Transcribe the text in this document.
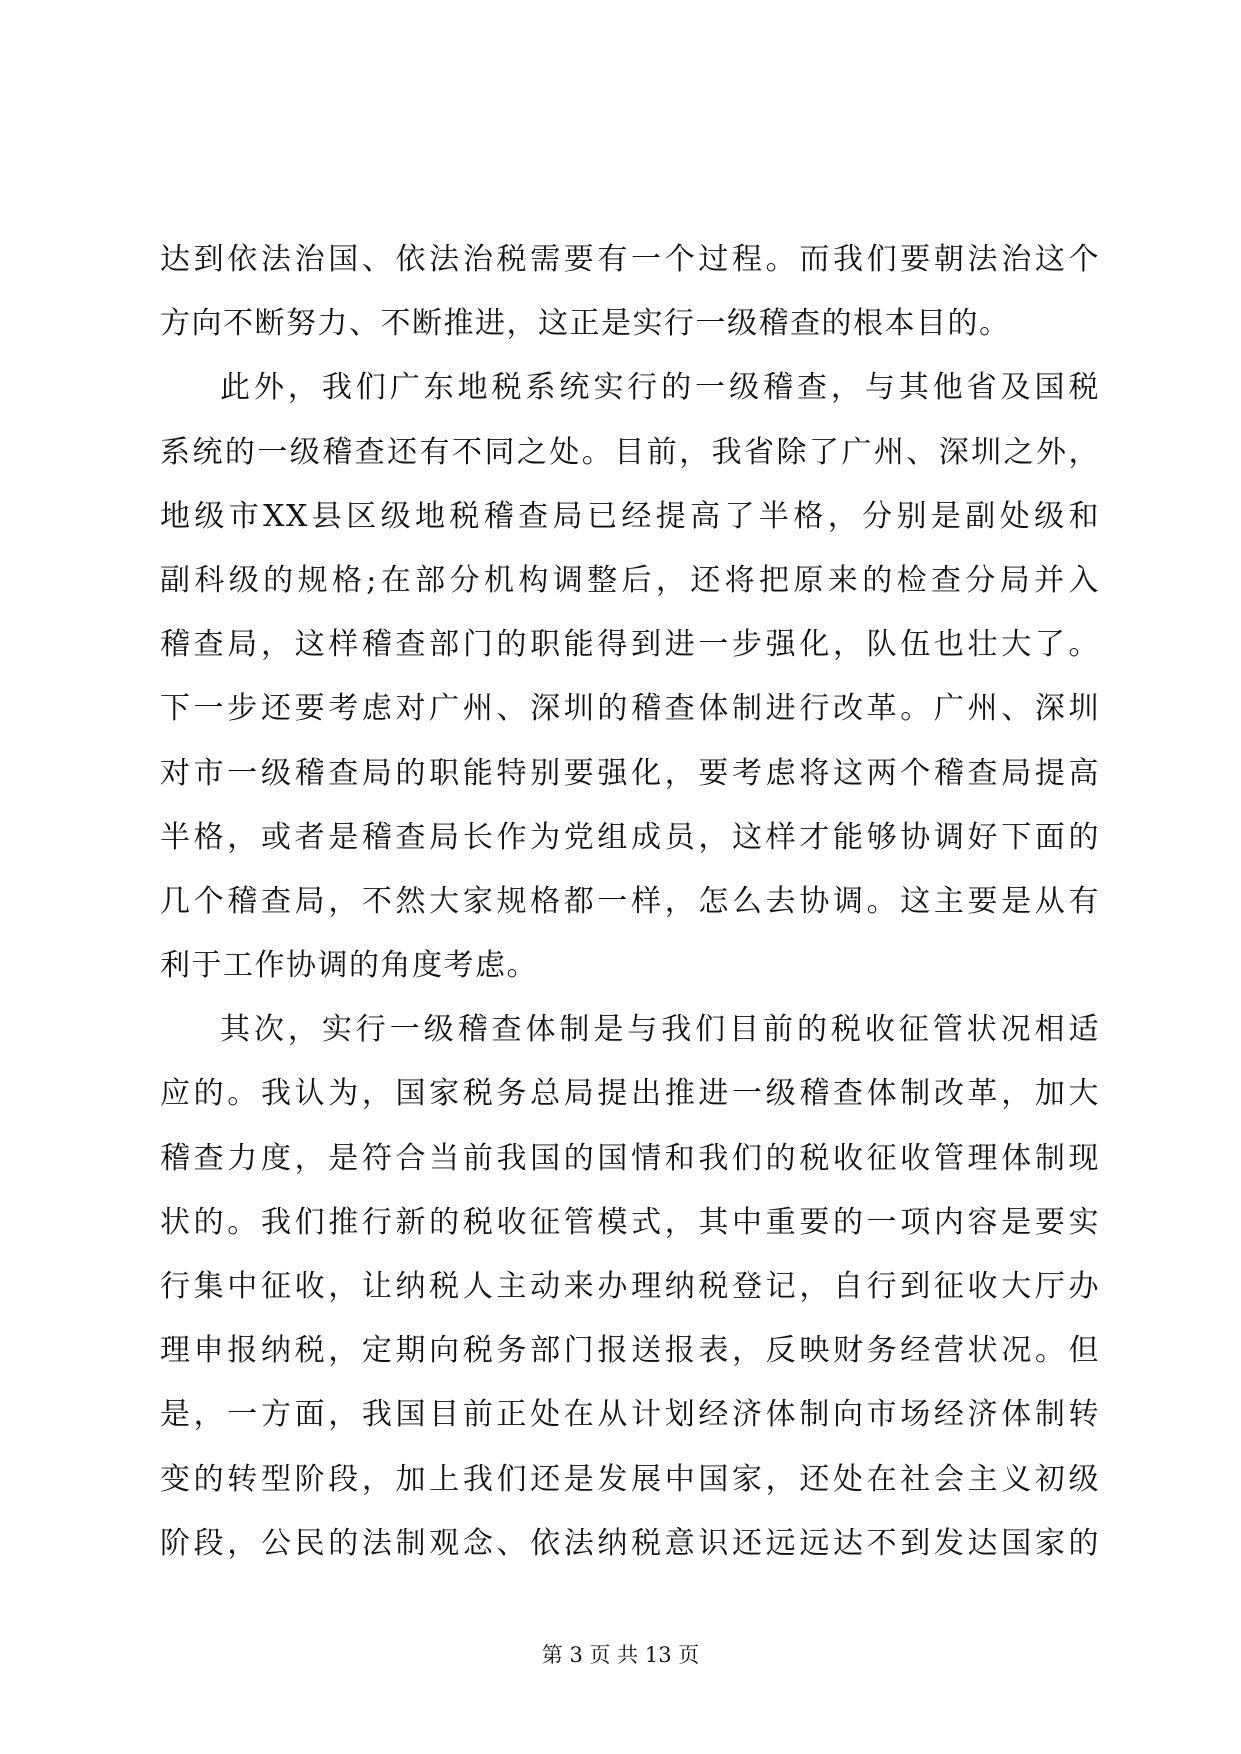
达到依法治国、依法治税需要有一个过程。而我们要朝法治这个

方向不断努力、不断推进，这正是实行一级稽查的根本目的。

此外，我们广东地税系统实行的一级稽查，与其他省及国税

系统的一级稽查还有不同之处。目前，我省除了广州、深圳之外，

地级市XX县区级地税稽查局已经提高了半格，分别是副处级和

副科级的规格;在部分机构调整后，还将把原来的检查分局并入

稽查局，这样稽查部门的职能得到进一步强化，队伍也壮大了。

下一步还要考虑对广州、深圳的稽查体制进行改革。广州、深圳

对市一级稽查局的职能特别要强化，要考虑将这两个稽查局提高

半格，或者是稽查局长作为党组成员，这样才能够协调好下面的

几个稽查局，不然大家规格都一样，怎么去协调。这主要是从有

利于工作协调的角度考虑。

其次，实行一级稽查体制是与我们目前的税收征管状况相适

应的。我认为，国家税务总局提出推进一级稽查体制改革，加大

稽查力度，是符合当前我国的国情和我们的税收征收管理体制现

状的。我们推行新的税收征管模式，其中重要的一项内容是要实

行集中征收，让纳税人主动来办理纳税登记，自行到征收大厅办

理申报纳税，定期向税务部门报送报表，反映财务经营状况。但

是，一方面，我国目前正处在从计划经济体制向市场经济体制转

变的转型阶段，加上我们还是发展中国家，还处在社会主义初级

阶段，公民的法制观念、依法纳税意识还远远达不到发达国家的

第 3 页 共 13 页
